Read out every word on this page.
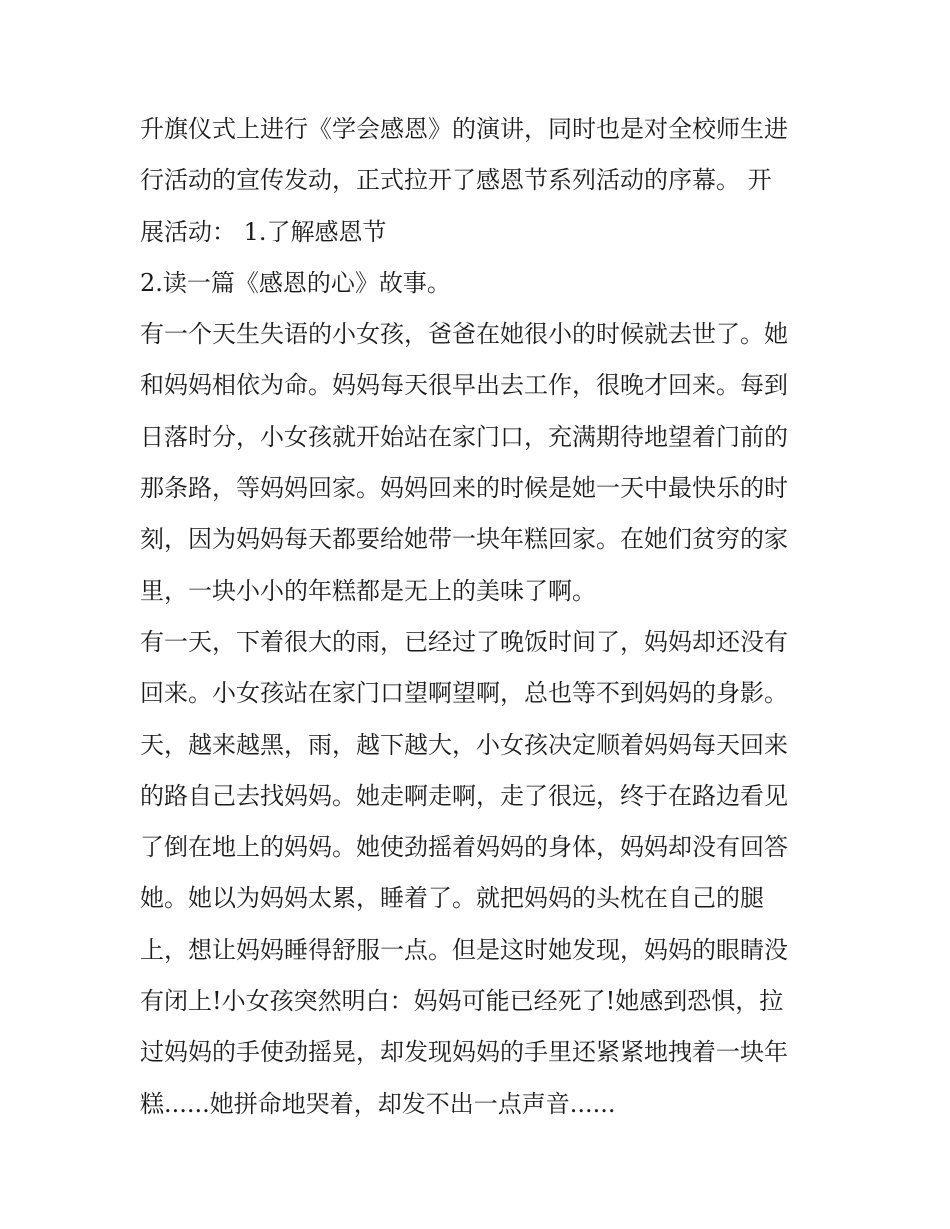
升旗仪式上进行《学会感恩》的演讲，同时也是对全校师生进
行活动的宣传发动，正式拉开了感恩节系列活动的序幕。 开
展活动： 1.了解感恩节
2.读一篇《感恩的心》故事。
有一个天生失语的小女孩，爸爸在她很小的时候就去世了。她
和妈妈相依为命。妈妈每天很早出去工作，很晚才回来。每到
日落时分，小女孩就开始站在家门口，充满期待地望着门前的
那条路，等妈妈回家。妈妈回来的时候是她一天中最快乐的时
刻，因为妈妈每天都要给她带一块年糕回家。在她们贫穷的家
里，一块小小的年糕都是无上的美味了啊。
有一天，下着很大的雨，已经过了晚饭时间了，妈妈却还没有
回来。小女孩站在家门口望啊望啊，总也等不到妈妈的身影。
天，越来越黑，雨，越下越大，小女孩决定顺着妈妈每天回来
的路自己去找妈妈。她走啊走啊，走了很远，终于在路边看见
了倒在地上的妈妈。她使劲摇着妈妈的身体，妈妈却没有回答
她。她以为妈妈太累，睡着了。就把妈妈的头枕在自己的腿
上，想让妈妈睡得舒服一点。但是这时她发现，妈妈的眼睛没
有闭上!小女孩突然明白：妈妈可能已经死了!她感到恐惧，拉
过妈妈的手使劲摇晃，却发现妈妈的手里还紧紧地拽着一块年
糕......她拼命地哭着，却发不出一点声音......
